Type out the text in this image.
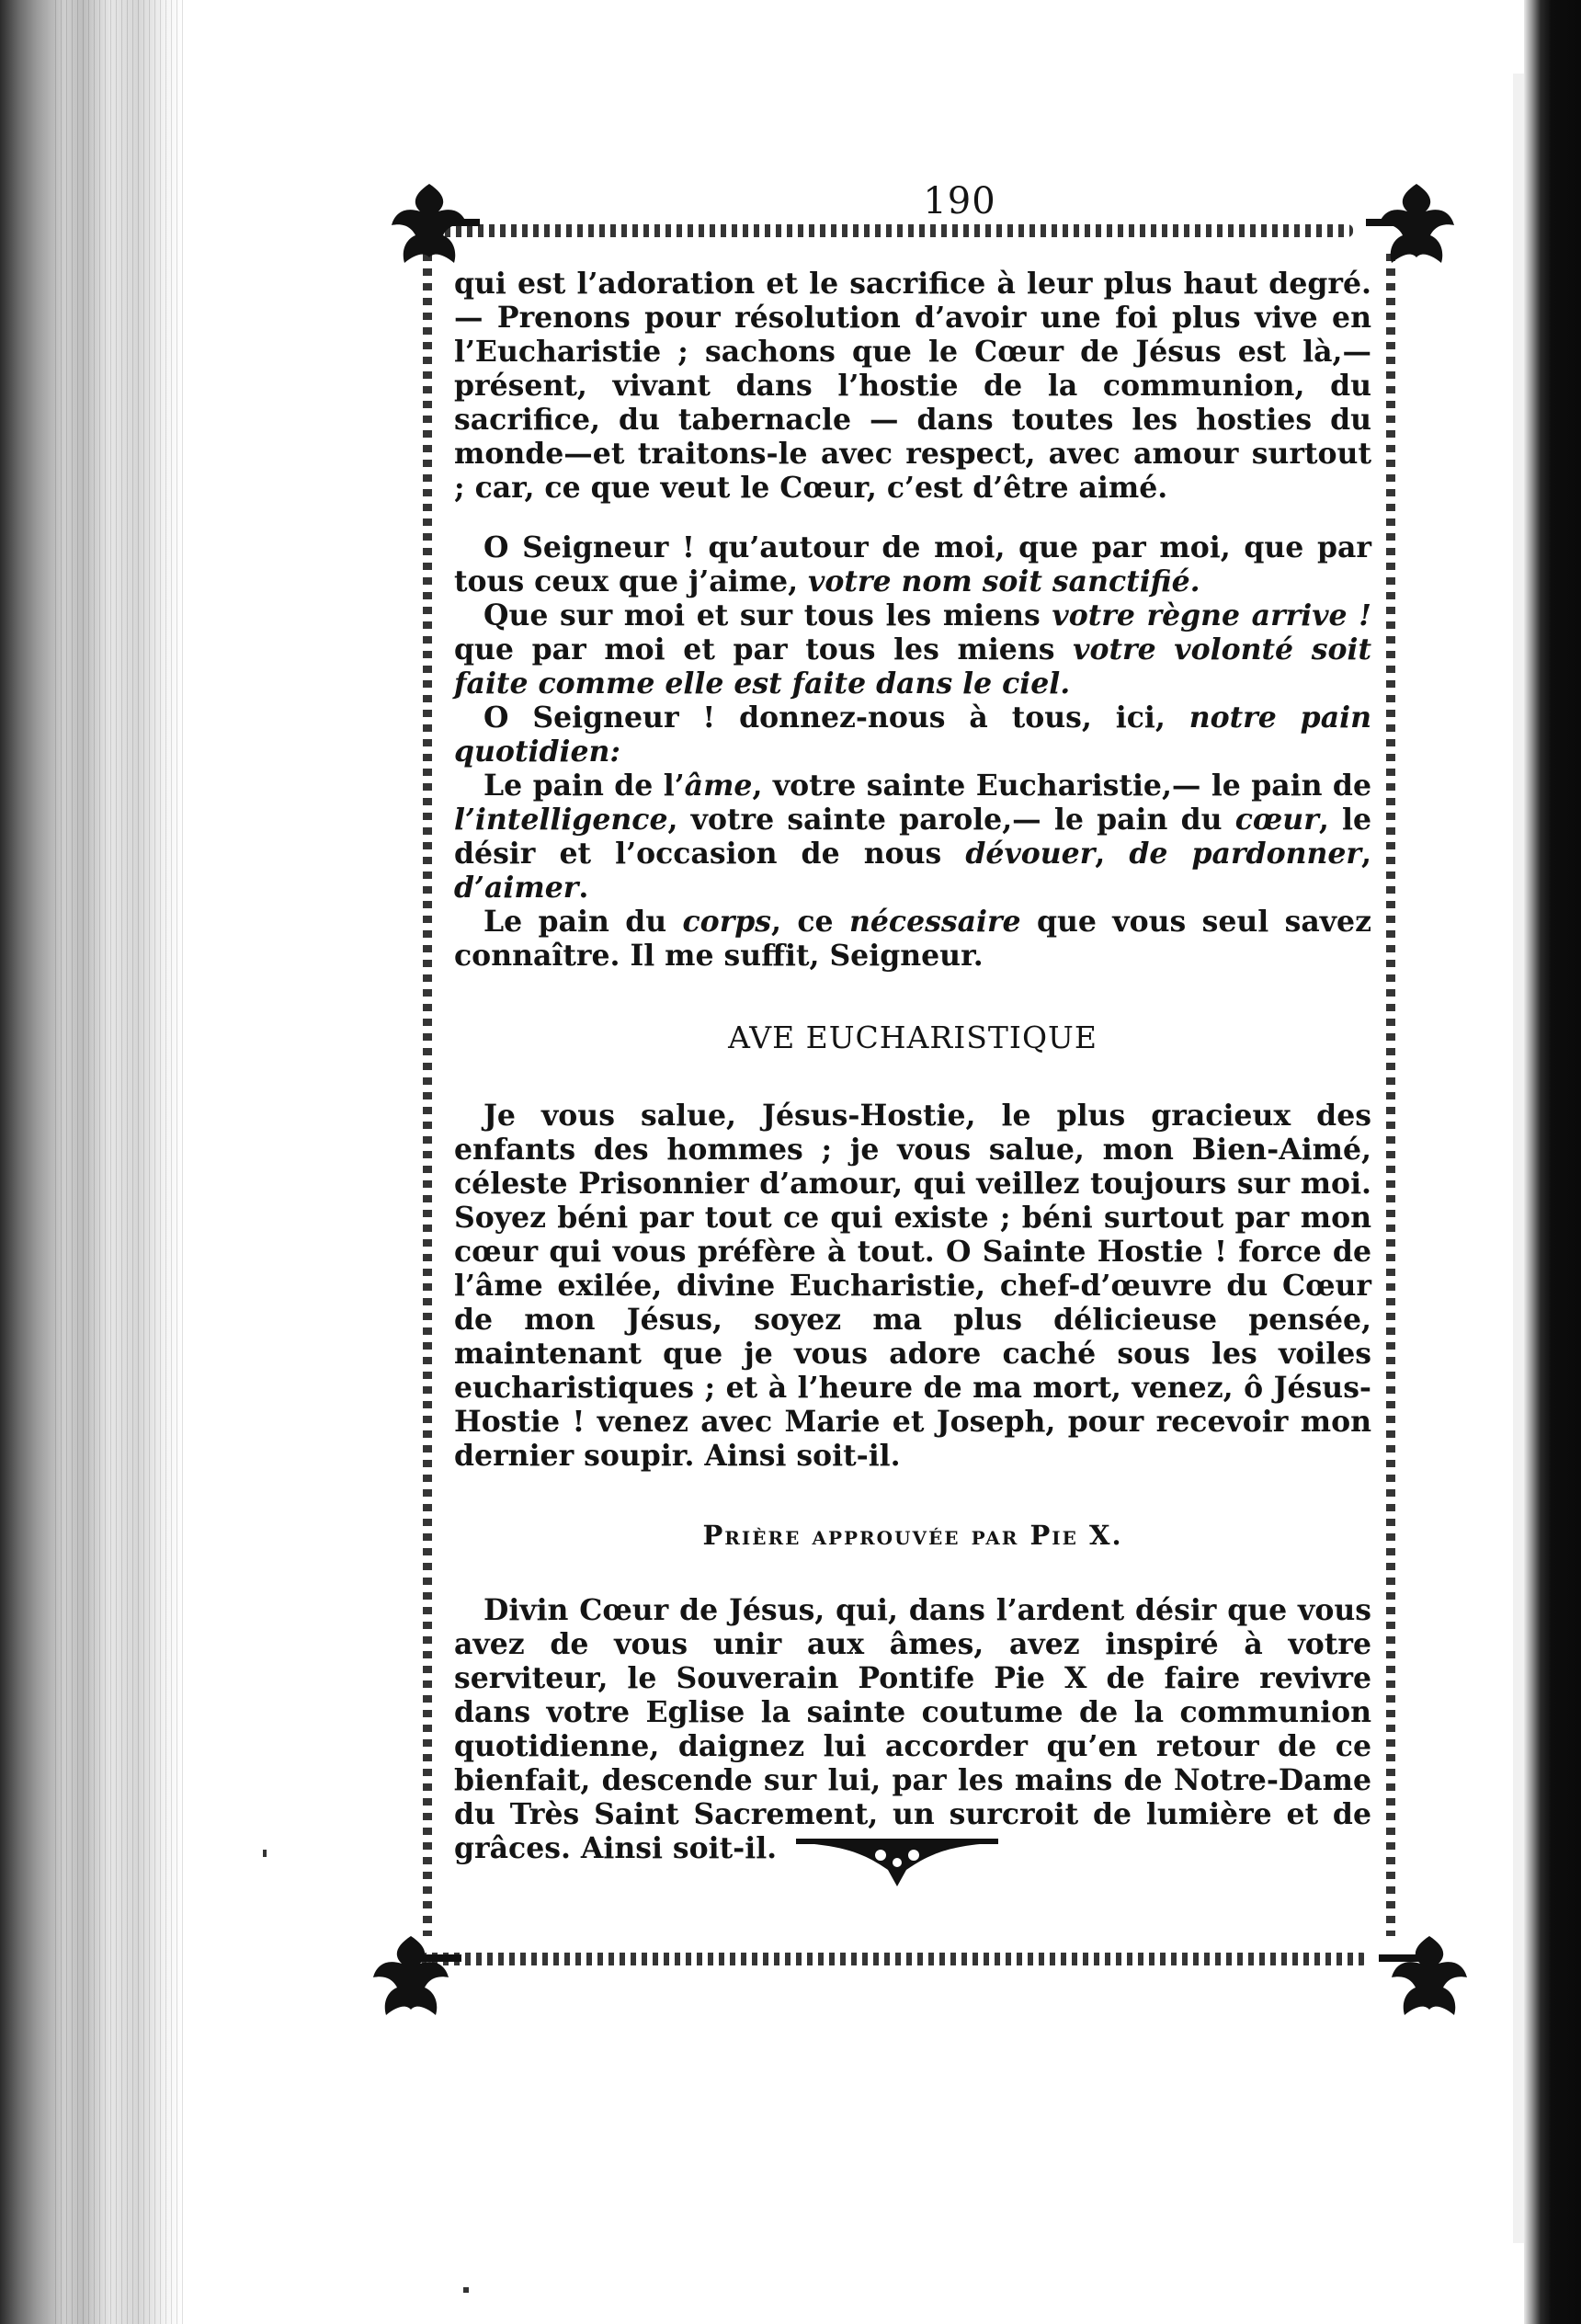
190

qui est l’adoration et le sacrifice à leur plus haut degré.— Prenons pour résolution d’avoir une foi plus vive en l’Eucharistie ; sachons que le Cœur de Jésus est là,— présent, vivant dans l’hostie de la communion, du sacrifice, du tabernacle — dans toutes les hosties du monde—et traitons-le avec respect, avec amour surtout ; car, ce que veut le Cœur, c’est d’être aimé.

O Seigneur ! qu’autour de moi, que par moi, que par tous ceux que j’aime, votre nom soit sanctifié.

Que sur moi et sur tous les miens votre règne arrive ! que par moi et par tous les miens votre volonté soit faite comme elle est faite dans le ciel.

O Seigneur ! donnez-nous à tous, ici, notre pain quotidien:

Le pain de l’âme, votre sainte Eucharistie,— le pain de l’intelligence, votre sainte parole,— le pain du cœur, le désir et l’occasion de nous dévouer, de pardonner, d’aimer.

Le pain du corps, ce nécessaire que vous seul savez connaître. Il me suffit, Seigneur.

AVE EUCHARISTIQUE

Je vous salue, Jésus-Hostie, le plus gracieux des enfants des hommes ; je vous salue, mon Bien-Aimé, céleste Prisonnier d’amour, qui veillez toujours sur moi. Soyez béni par tout ce qui existe ; béni surtout par mon cœur qui vous préfère à tout. O Sainte Hostie ! force de l’âme exilée, divine Eucharistie, chef-d’œuvre du Cœur de mon Jésus, soyez ma plus délicieuse pensée, maintenant que je vous adore caché sous les voiles eucharistiques ; et à l’heure de ma mort, venez, ô Jésus-Hostie ! venez avec Marie et Joseph, pour recevoir mon dernier soupir. Ainsi soit-il.

Prière approuvée par Pie X.

Divin Cœur de Jésus, qui, dans l’ardent désir que vous avez de vous unir aux âmes, avez inspiré à votre serviteur, le Souverain Pontife Pie X de faire revivre dans votre Eglise la sainte coutume de la communion quotidienne, daignez lui accorder qu’en retour de ce bienfait, descende sur lui, par les mains de Notre-Dame du Très Saint Sacrement, un surcroit de lumière et de grâces. Ainsi soit-il.
